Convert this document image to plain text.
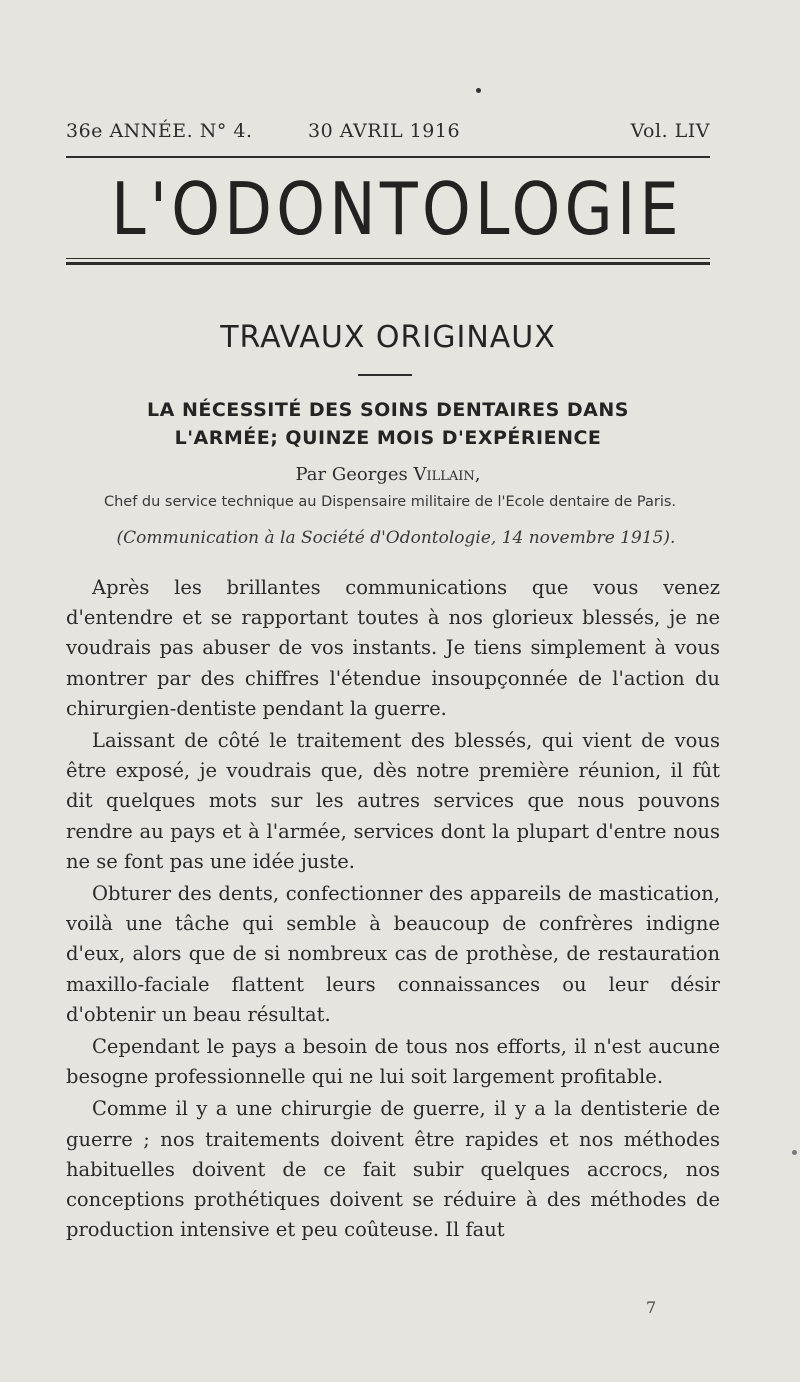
36e ANNÉE. N° 4.	30 AVRIL 1916	Vol. LIV
L'ODONTOLOGIE
TRAVAUX ORIGINAUX
LA NÉCESSITÉ DES SOINS DENTAIRES DANS
L'ARMÉE; QUINZE MOIS D'EXPÉRIENCE
Par Georges Villain,
Chef du service technique au Dispensaire militaire de l'Ecole dentaire de Paris.
(Communication à la Société d'Odontologie, 14 novembre 1915).

Après les brillantes communications que vous venez d'entendre et se rapportant toutes à nos glorieux blessés, je ne voudrais pas abuser de vos instants. Je tiens simplement à vous montrer par des chiffres l'étendue insoupçonnée de l'action du chirurgien-dentiste pendant la guerre.

Laissant de côté le traitement des blessés, qui vient de vous être exposé, je voudrais que, dès notre première réunion, il fût dit quelques mots sur les autres services que nous pouvons rendre au pays et à l'armée, services dont la plupart d'entre nous ne se font pas une idée juste.

Obturer des dents, confectionner des appareils de mastication, voilà une tâche qui semble à beaucoup de confrères indigne d'eux, alors que de si nombreux cas de prothèse, de restauration maxillo-faciale flattent leurs connaissances ou leur désir d'obtenir un beau résultat.

Cependant le pays a besoin de tous nos efforts, il n'est aucune besogne professionnelle qui ne lui soit largement profitable.

Comme il y a une chirurgie de guerre, il y a la dentisterie de guerre ; nos traitements doivent être rapides et nos méthodes habituelles doivent de ce fait subir quelques accrocs, nos conceptions prothétiques doivent se réduire à des méthodes de production intensive et peu coûteuse. Il faut

7
